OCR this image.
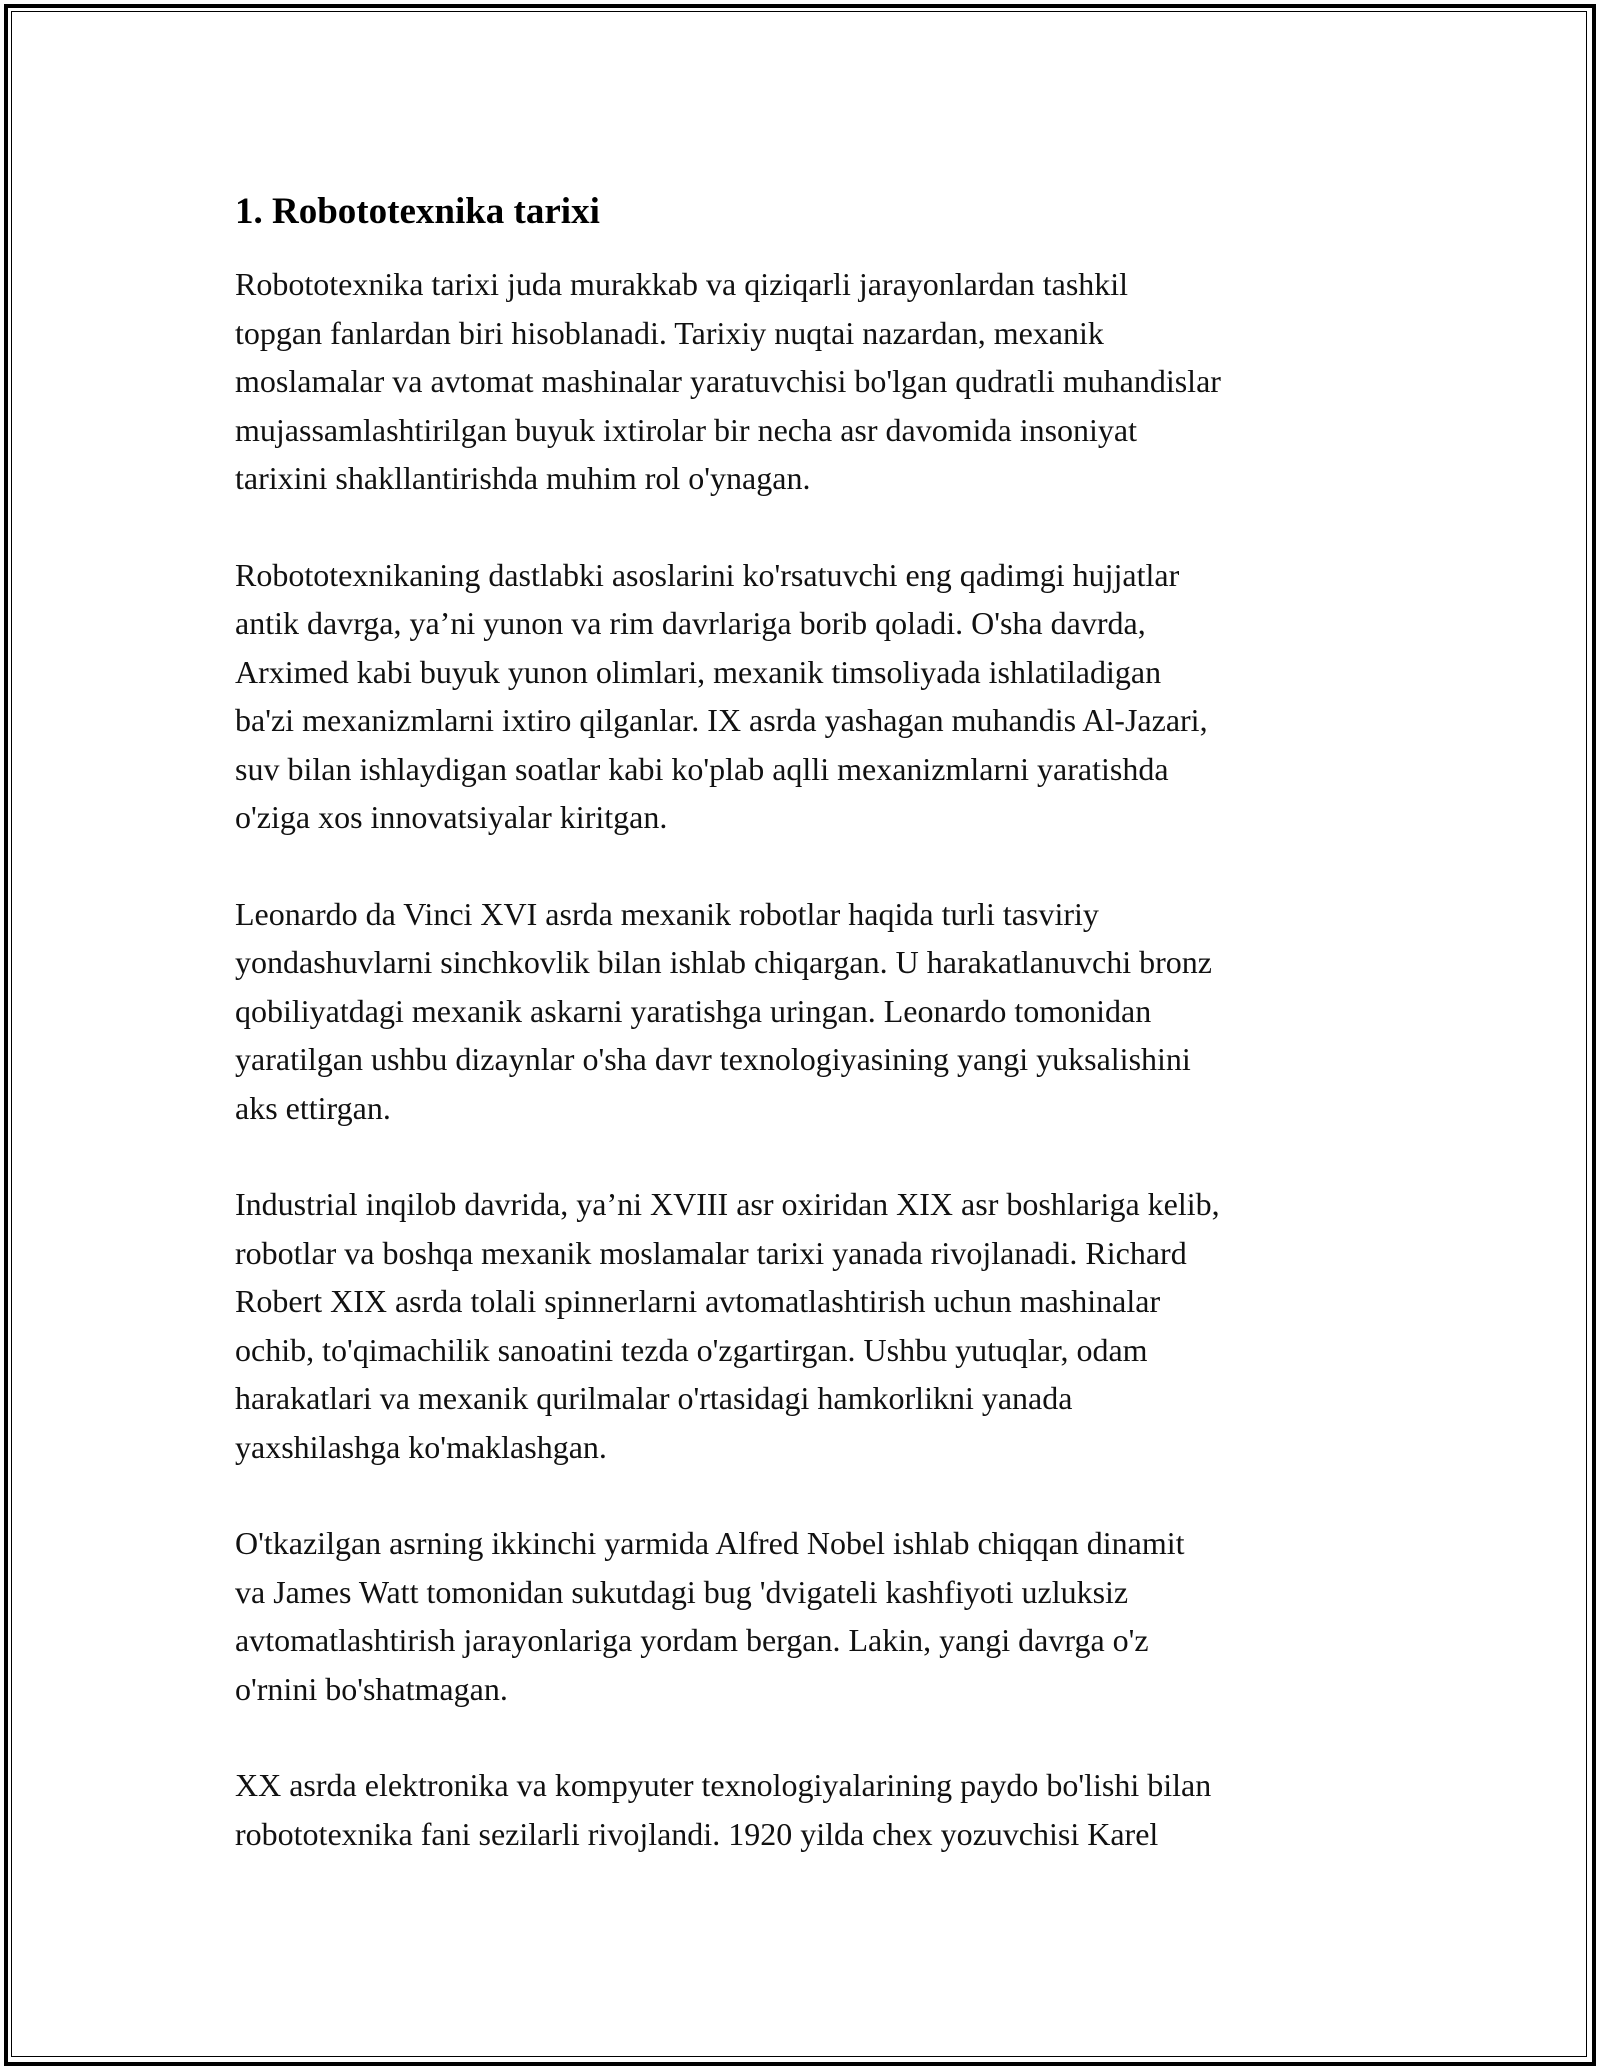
1. Robototexnika tarixi

Robototexnika tarixi juda murakkab va qiziqarli jarayonlardan tashkil
topgan fanlardan biri hisoblanadi. Tarixiy nuqtai nazardan, mexanik
moslamalar va avtomat mashinalar yaratuvchisi bo'lgan qudratli muhandislar
mujassamlashtirilgan buyuk ixtirolar bir necha asr davomida insoniyat
tarixini shakllantirishda muhim rol o'ynagan.

Robototexnikaning dastlabki asoslarini ko'rsatuvchi eng qadimgi hujjatlar
antik davrga, ya’ni yunon va rim davrlariga borib qoladi. O'sha davrda,
Arximed kabi buyuk yunon olimlari, mexanik timsoliyada ishlatiladigan
ba'zi mexanizmlarni ixtiro qilganlar. IX asrda yashagan muhandis Al-Jazari,
suv bilan ishlaydigan soatlar kabi ko'plab aqlli mexanizmlarni yaratishda
o'ziga xos innovatsiyalar kiritgan.

Leonardo da Vinci XVI asrda mexanik robotlar haqida turli tasviriy
yondashuvlarni sinchkovlik bilan ishlab chiqargan. U harakatlanuvchi bronz
qobiliyatdagi mexanik askarni yaratishga uringan. Leonardo tomonidan
yaratilgan ushbu dizaynlar o'sha davr texnologiyasining yangi yuksalishini
aks ettirgan.

Industrial inqilob davrida, ya’ni XVIII asr oxiridan XIX asr boshlariga kelib,
robotlar va boshqa mexanik moslamalar tarixi yanada rivojlanadi. Richard
Robert XIX asrda tolali spinnerlarni avtomatlashtirish uchun mashinalar
ochib, to'qimachilik sanoatini tezda o'zgartirgan. Ushbu yutuqlar, odam
harakatlari va mexanik qurilmalar o'rtasidagi hamkorlikni yanada
yaxshilashga ko'maklashgan.

O'tkazilgan asrning ikkinchi yarmida Alfred Nobel ishlab chiqqan dinamit
va James Watt tomonidan sukutdagi bug 'dvigateli kashfiyoti uzluksiz
avtomatlashtirish jarayonlariga yordam bergan. Lakin, yangi davrga o'z
o'rnini bo'shatmagan.

XX asrda elektronika va kompyuter texnologiyalarining paydo bo'lishi bilan
robototexnika fani sezilarli rivojlandi. 1920 yilda chex yozuvchisi Karel
